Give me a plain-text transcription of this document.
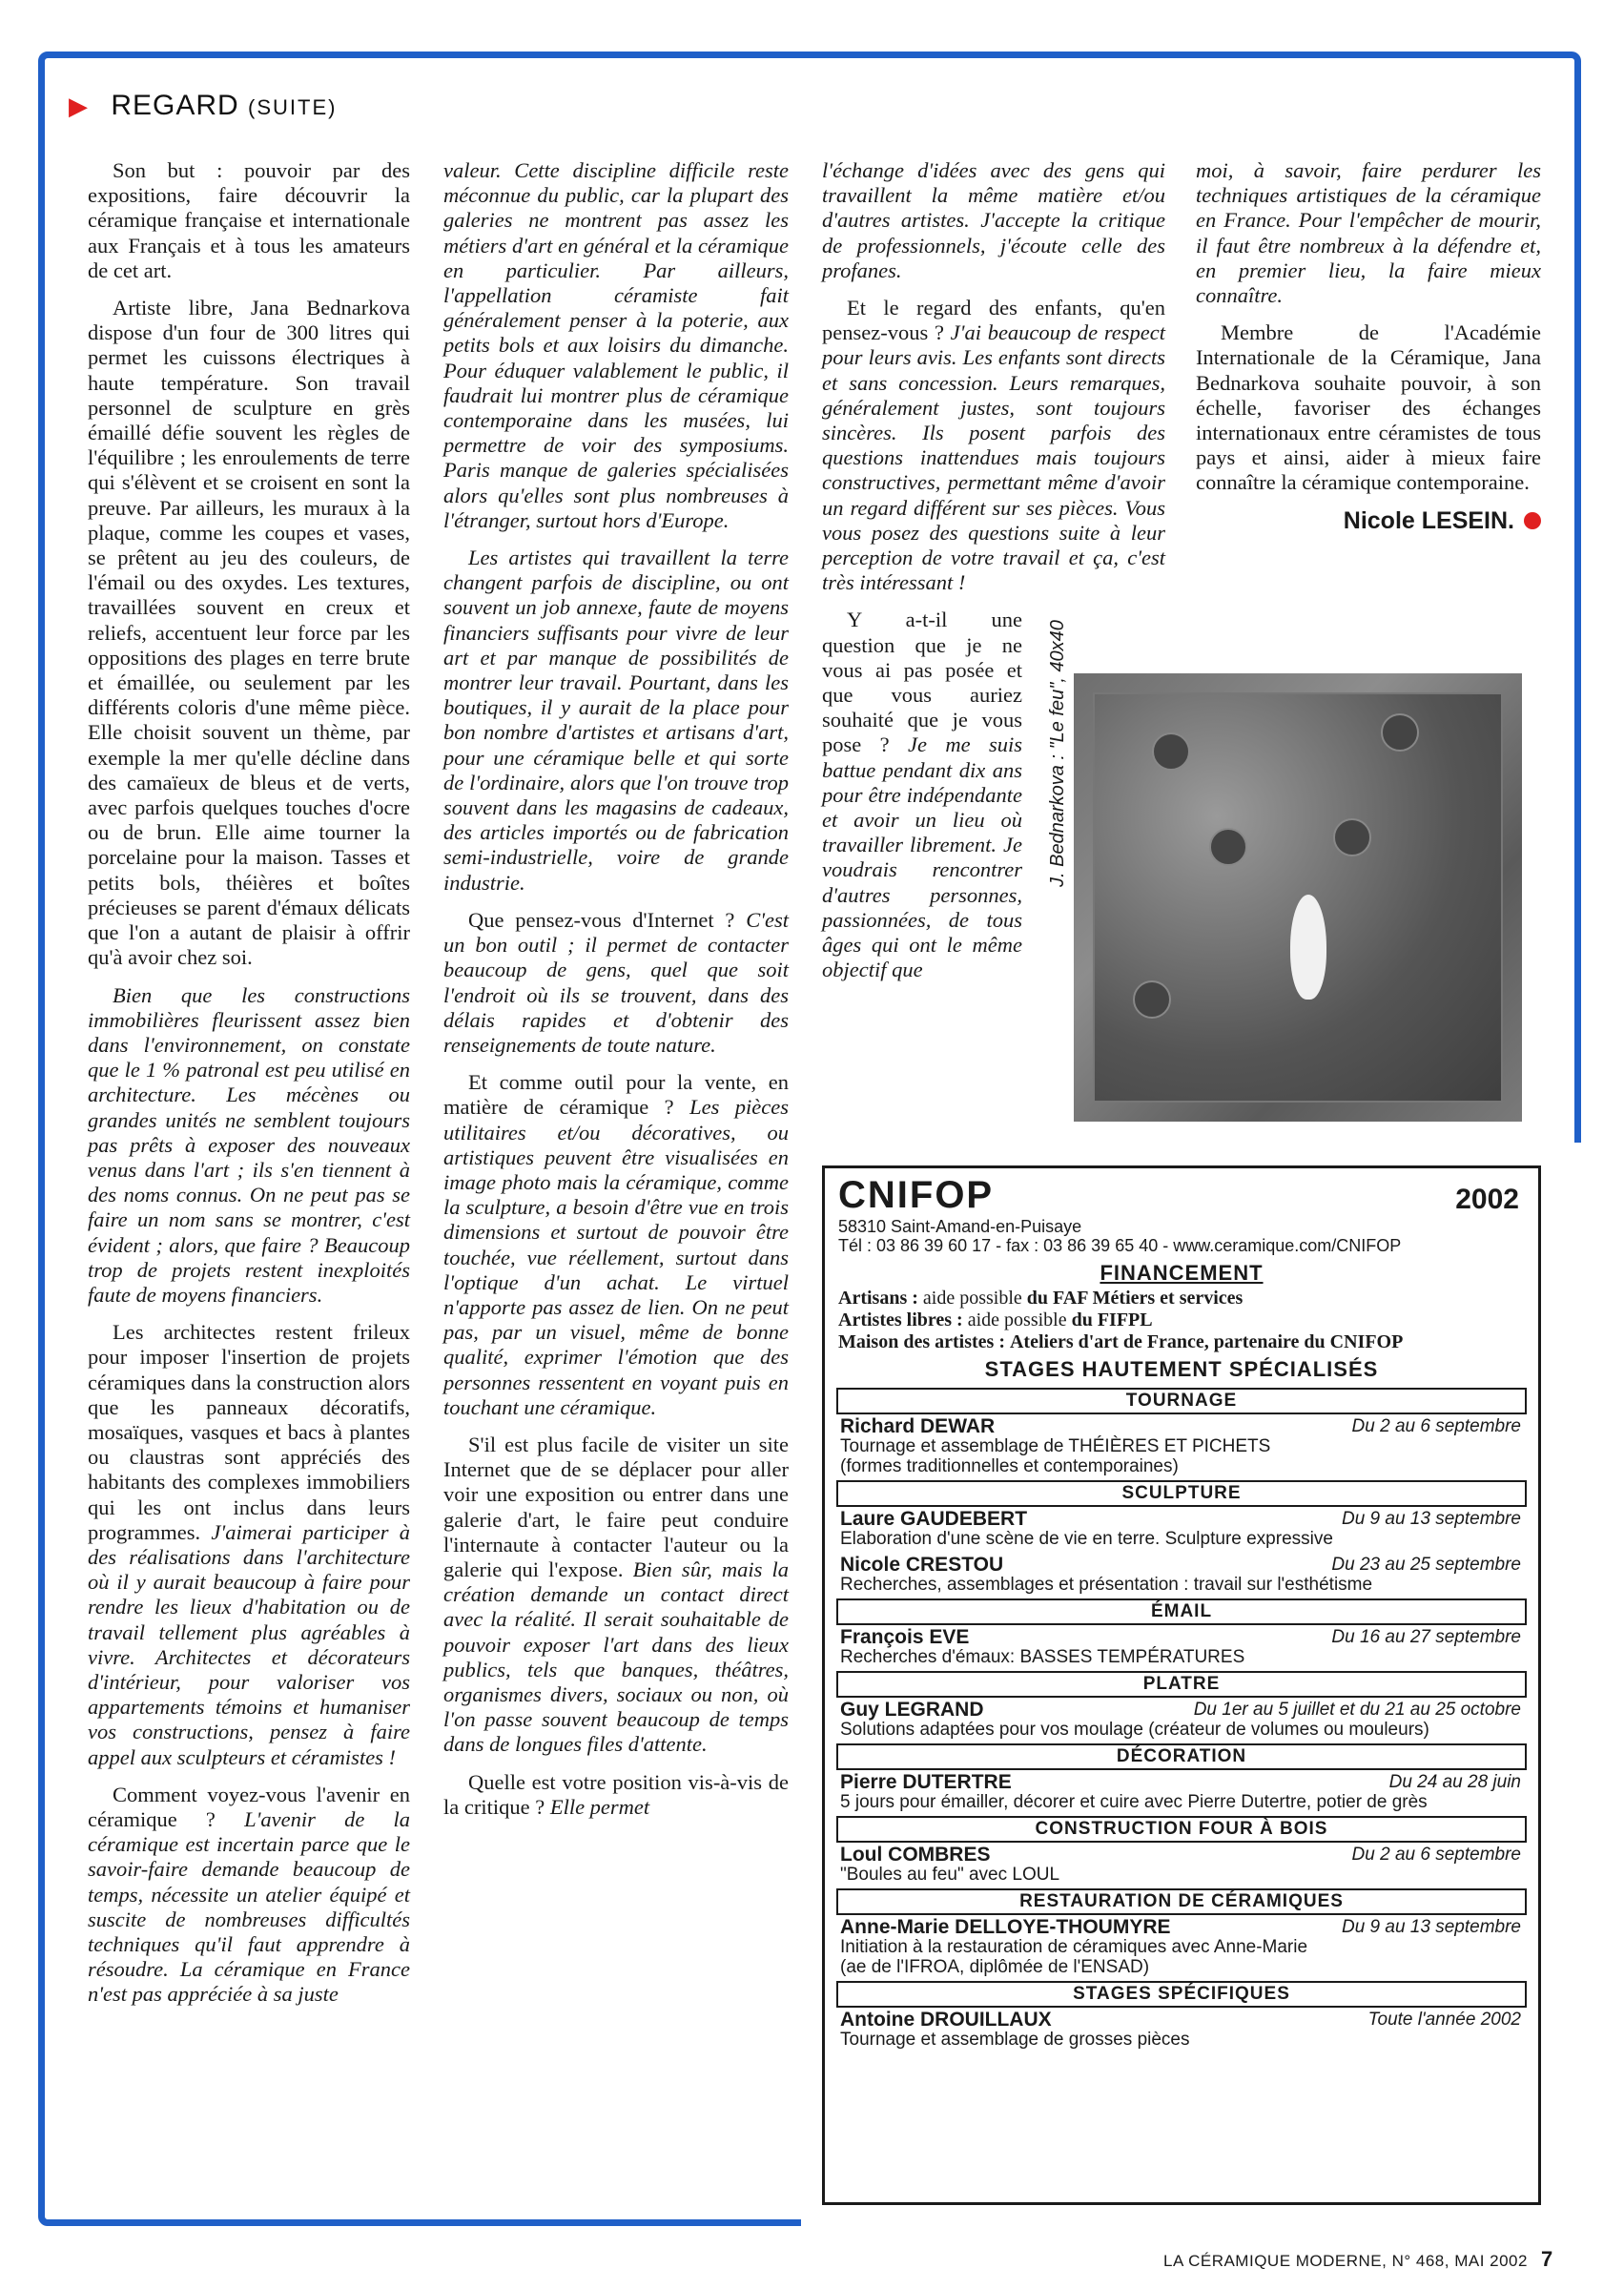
▶ REGARD (SUITE)

Son but : pouvoir par des expositions, faire découvrir la céramique française et internationale aux Français et à tous les amateurs de cet art.

Artiste libre, Jana Bednarkova dispose d'un four de 300 litres qui permet les cuissons électriques à haute température. Son travail personnel de sculpture en grès émaillé défie souvent les règles de l'équilibre ; les enroulements de terre qui s'élèvent et se croisent en sont la preuve. Par ailleurs, les muraux à la plaque, comme les coupes et vases, se prêtent au jeu des couleurs, de l'émail ou des oxydes. Les textures, travaillées souvent en creux et reliefs, accentuent leur force par les oppositions des plages en terre brute et émaillée, ou seulement par les différents coloris d'une même pièce. Elle choisit souvent un thème, par exemple la mer qu'elle décline dans des camaïeux de bleus et de verts, avec parfois quelques touches d'ocre ou de brun. Elle aime tourner la porcelaine pour la maison. Tasses et petits bols, théières et boîtes précieuses se parent d'émaux délicats que l'on a autant de plaisir à offrir qu'à avoir chez soi.

Bien que les constructions immobilières fleurissent assez bien dans l'environnement, on constate que le 1 % patronal est peu utilisé en architecture. Les mécènes ou grandes unités ne semblent toujours pas prêts à exposer des nouveaux venus dans l'art ; ils s'en tiennent à des noms connus. On ne peut pas se faire un nom sans se montrer, c'est évident ; alors, que faire ? Beaucoup trop de projets restent inexploités faute de moyens financiers.

Les architectes restent frileux pour imposer l'insertion de projets céramiques dans la construction alors que les panneaux décoratifs, mosaïques, vasques et bacs à plantes ou claustras sont appréciés des habitants des complexes immobiliers qui les ont inclus dans leurs programmes. J'aimerai participer à des réalisations dans l'architecture où il y aurait beaucoup à faire pour rendre les lieux d'habitation ou de travail tellement plus agréables à vivre. Architectes et décorateurs d'intérieur, pour valoriser vos appartements témoins et humaniser vos constructions, pensez à faire appel aux sculpteurs et céramistes !

Comment voyez-vous l'avenir en céramique ? L'avenir de la céramique est incertain parce que le savoir-faire demande beaucoup de temps, nécessite un atelier équipé et suscite de nombreuses difficultés techniques qu'il faut apprendre à résoudre. La céramique en France n'est pas appréciée à sa juste

valeur. Cette discipline difficile reste méconnue du public, car la plupart des galeries ne montrent pas assez les métiers d'art en général et la céramique en particulier. Par ailleurs, l'appellation céramiste fait généralement penser à la poterie, aux petits bols et aux loisirs du dimanche. Pour éduquer valablement le public, il faudrait lui montrer plus de céramique contemporaine dans les musées, lui permettre de voir des symposiums. Paris manque de galeries spécialisées alors qu'elles sont plus nombreuses à l'étranger, surtout hors d'Europe.

Les artistes qui travaillent la terre changent parfois de discipline, ou ont souvent un job annexe, faute de moyens financiers suffisants pour vivre de leur art et par manque de possibilités de montrer leur travail. Pourtant, dans les boutiques, il y aurait de la place pour bon nombre d'artistes et artisans d'art, pour une céramique belle et qui sorte de l'ordinaire, alors que l'on trouve trop souvent dans les magasins de cadeaux, des articles importés ou de fabrication semi-industrielle, voire de grande industrie.

Que pensez-vous d'Internet ? C'est un bon outil ; il permet de contacter beaucoup de gens, quel que soit l'endroit où ils se trouvent, dans des délais rapides et d'obtenir des renseignements de toute nature.

Et comme outil pour la vente, en matière de céramique ? Les pièces utilitaires et/ou décoratives, ou artistiques peuvent être visualisées en image photo mais la céramique, comme la sculpture, a besoin d'être vue en trois dimensions et surtout de pouvoir être touchée, vue réellement, surtout dans l'optique d'un achat. Le virtuel n'apporte pas assez de lien. On ne peut pas, par un visuel, même de bonne qualité, exprimer l'émotion que des personnes ressentent en voyant puis en touchant une céramique.

S'il est plus facile de visiter un site Internet que de se déplacer pour aller voir une exposition ou entrer dans une galerie d'art, le faire peut conduire l'internaute à contacter l'auteur ou la galerie qui l'expose. Bien sûr, mais la création demande un contact direct avec la réalité. Il serait souhaitable de pouvoir exposer l'art dans des lieux publics, tels que banques, théâtres, organismes divers, sociaux ou non, où l'on passe souvent beaucoup de temps dans de longues files d'attente.

Quelle est votre position vis-à-vis de la critique ? Elle permet

l'échange d'idées avec des gens qui travaillent la même matière et/ou d'autres artistes. J'accepte la critique de professionnels, j'écoute celle des profanes.

Et le regard des enfants, qu'en pensez-vous ? J'ai beaucoup de respect pour leurs avis. Les enfants sont directs et sans concession. Leurs remarques, généralement justes, sont toujours sincères. Ils posent parfois des questions inattendues mais toujours constructives, permettant même d'avoir un regard différent sur ses pièces. Vous vous posez des questions suite à leur perception de votre travail et ça, c'est très intéressant !

Y a-t-il une question que je ne vous ai pas posée et que vous auriez souhaité que je vous pose ? Je me suis battue pendant dix ans pour être indépendante et avoir un lieu où travailler librement. Je voudrais rencontrer d'autres personnes, passionnées, de tous âges qui ont le même objectif que

moi, à savoir, faire perdurer les techniques artistiques de la céramique en France. Pour l'empêcher de mourir, il faut être nombreux à la défendre et, en premier lieu, la faire mieux connaître.

Membre de l'Académie Internationale de la Céramique, Jana Bednarkova souhaite pouvoir, à son échelle, favoriser des échanges internationaux entre céramistes de tous pays et ainsi, aider à mieux faire connaître la céramique contemporaine.

Nicole LESEIN.
J. Bednarkova : "Le feu", 40x40
CNIFOP	2002
58310 Saint-Amand-en-Puisaye
Tél : 03 86 39 60 17 - fax : 03 86 39 65 40 - www.ceramique.com/CNIFOP
FINANCEMENT
Artisans : aide possible du FAF Métiers et services
Artistes libres : aide possible du FIFPL
Maison des artistes : Ateliers d'art de France, partenaire du CNIFOP
STAGES HAUTEMENT SPÉCIALISÉS
TOURNAGE
Richard DEWAR	Du 2 au 6 septembre
Tournage et assemblage de THÉIÈRES ET PICHETS
(formes traditionnelles et contemporaines)
SCULPTURE
Laure GAUDEBERT	Du 9 au 13 septembre
Elaboration d'une scène de vie en terre. Sculpture expressive
Nicole CRESTOU	Du 23 au 25 septembre
Recherches, assemblages et présentation : travail sur l'esthétisme
ÉMAIL
François EVE	Du 16 au 27 septembre
Recherches d'émaux: BASSES TEMPÉRATURES
PLATRE
Guy LEGRAND	Du 1er au 5 juillet et du 21 au 25 octobre
Solutions adaptées pour vos moulage (créateur de volumes ou mouleurs)
DÉCORATION
Pierre DUTERTRE	Du 24 au 28 juin
5 jours pour émailler, décorer et cuire avec Pierre Dutertre, potier de grès
CONSTRUCTION FOUR À BOIS
Loul COMBRES	Du 2 au 6 septembre
"Boules au feu" avec LOUL
RESTAURATION DE CÉRAMIQUES
Anne-Marie DELLOYE-THOUMYRE	Du 9 au 13 septembre
Initiation à la restauration de céramiques avec Anne-Marie
(ae de l'IFROA, diplômée de l'ENSAD)
STAGES SPÉCIFIQUES
Antoine DROUILLAUX	Toute l'année 2002
Tournage et assemblage de grosses pièces
LA CÉRAMIQUE MODERNE, N° 468, MAI 2002 7
